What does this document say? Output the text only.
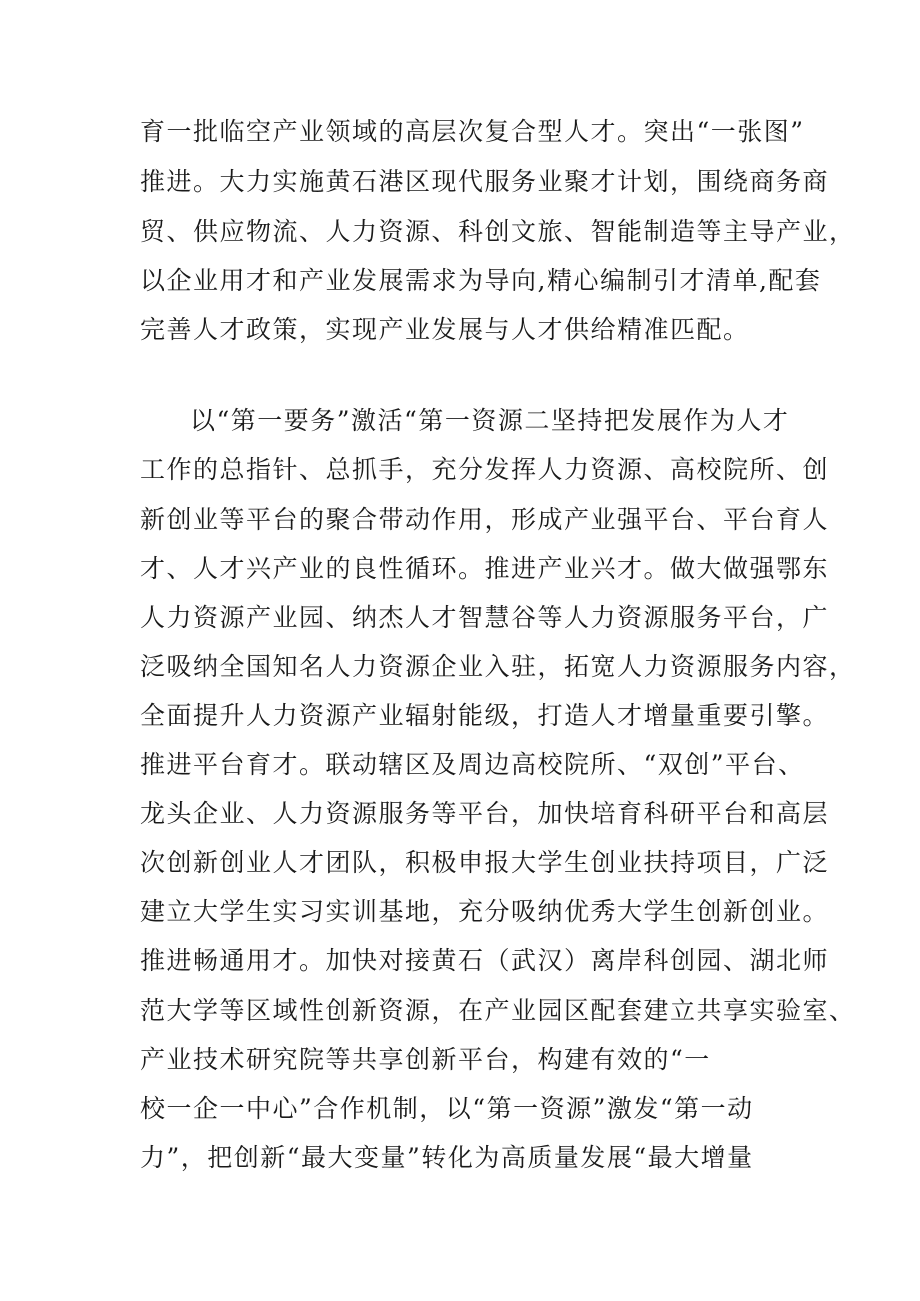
育一批临空产业领域的高层次复合型人才。突出“一张图”
推进。大力实施黄石港区现代服务业聚才计划，围绕商务商
贸、供应物流、人力资源、科创文旅、智能制造等主导产业，
以企业用才和产业发展需求为导向,精心编制引才清单,配套
完善人才政策，实现产业发展与人才供给精准匹配。
以“第一要务”激活“第一资源二坚持把发展作为人才
工作的总指针、总抓手，充分发挥人力资源、高校院所、创
新创业等平台的聚合带动作用，形成产业强平台、平台育人
才、人才兴产业的良性循环。推进产业兴才。做大做强鄂东
人力资源产业园、纳杰人才智慧谷等人力资源服务平台，广
泛吸纳全国知名人力资源企业入驻，拓宽人力资源服务内容，
全面提升人力资源产业辐射能级，打造人才增量重要引擎。
推进平台育才。联动辖区及周边高校院所、“双创”平台、
龙头企业、人力资源服务等平台，加快培育科研平台和高层
次创新创业人才团队，积极申报大学生创业扶持项目，广泛
建立大学生实习实训基地，充分吸纳优秀大学生创新创业。
推进畅通用才。加快对接黄石（武汉）离岸科创园、湖北师
范大学等区域性创新资源，在产业园区配套建立共享实验室、
产业技术研究院等共享创新平台，构建有效的“一
校一企一中心”合作机制，以“第一资源”激发“第一动
力”，把创新“最大变量”转化为高质量发展“最大增量
